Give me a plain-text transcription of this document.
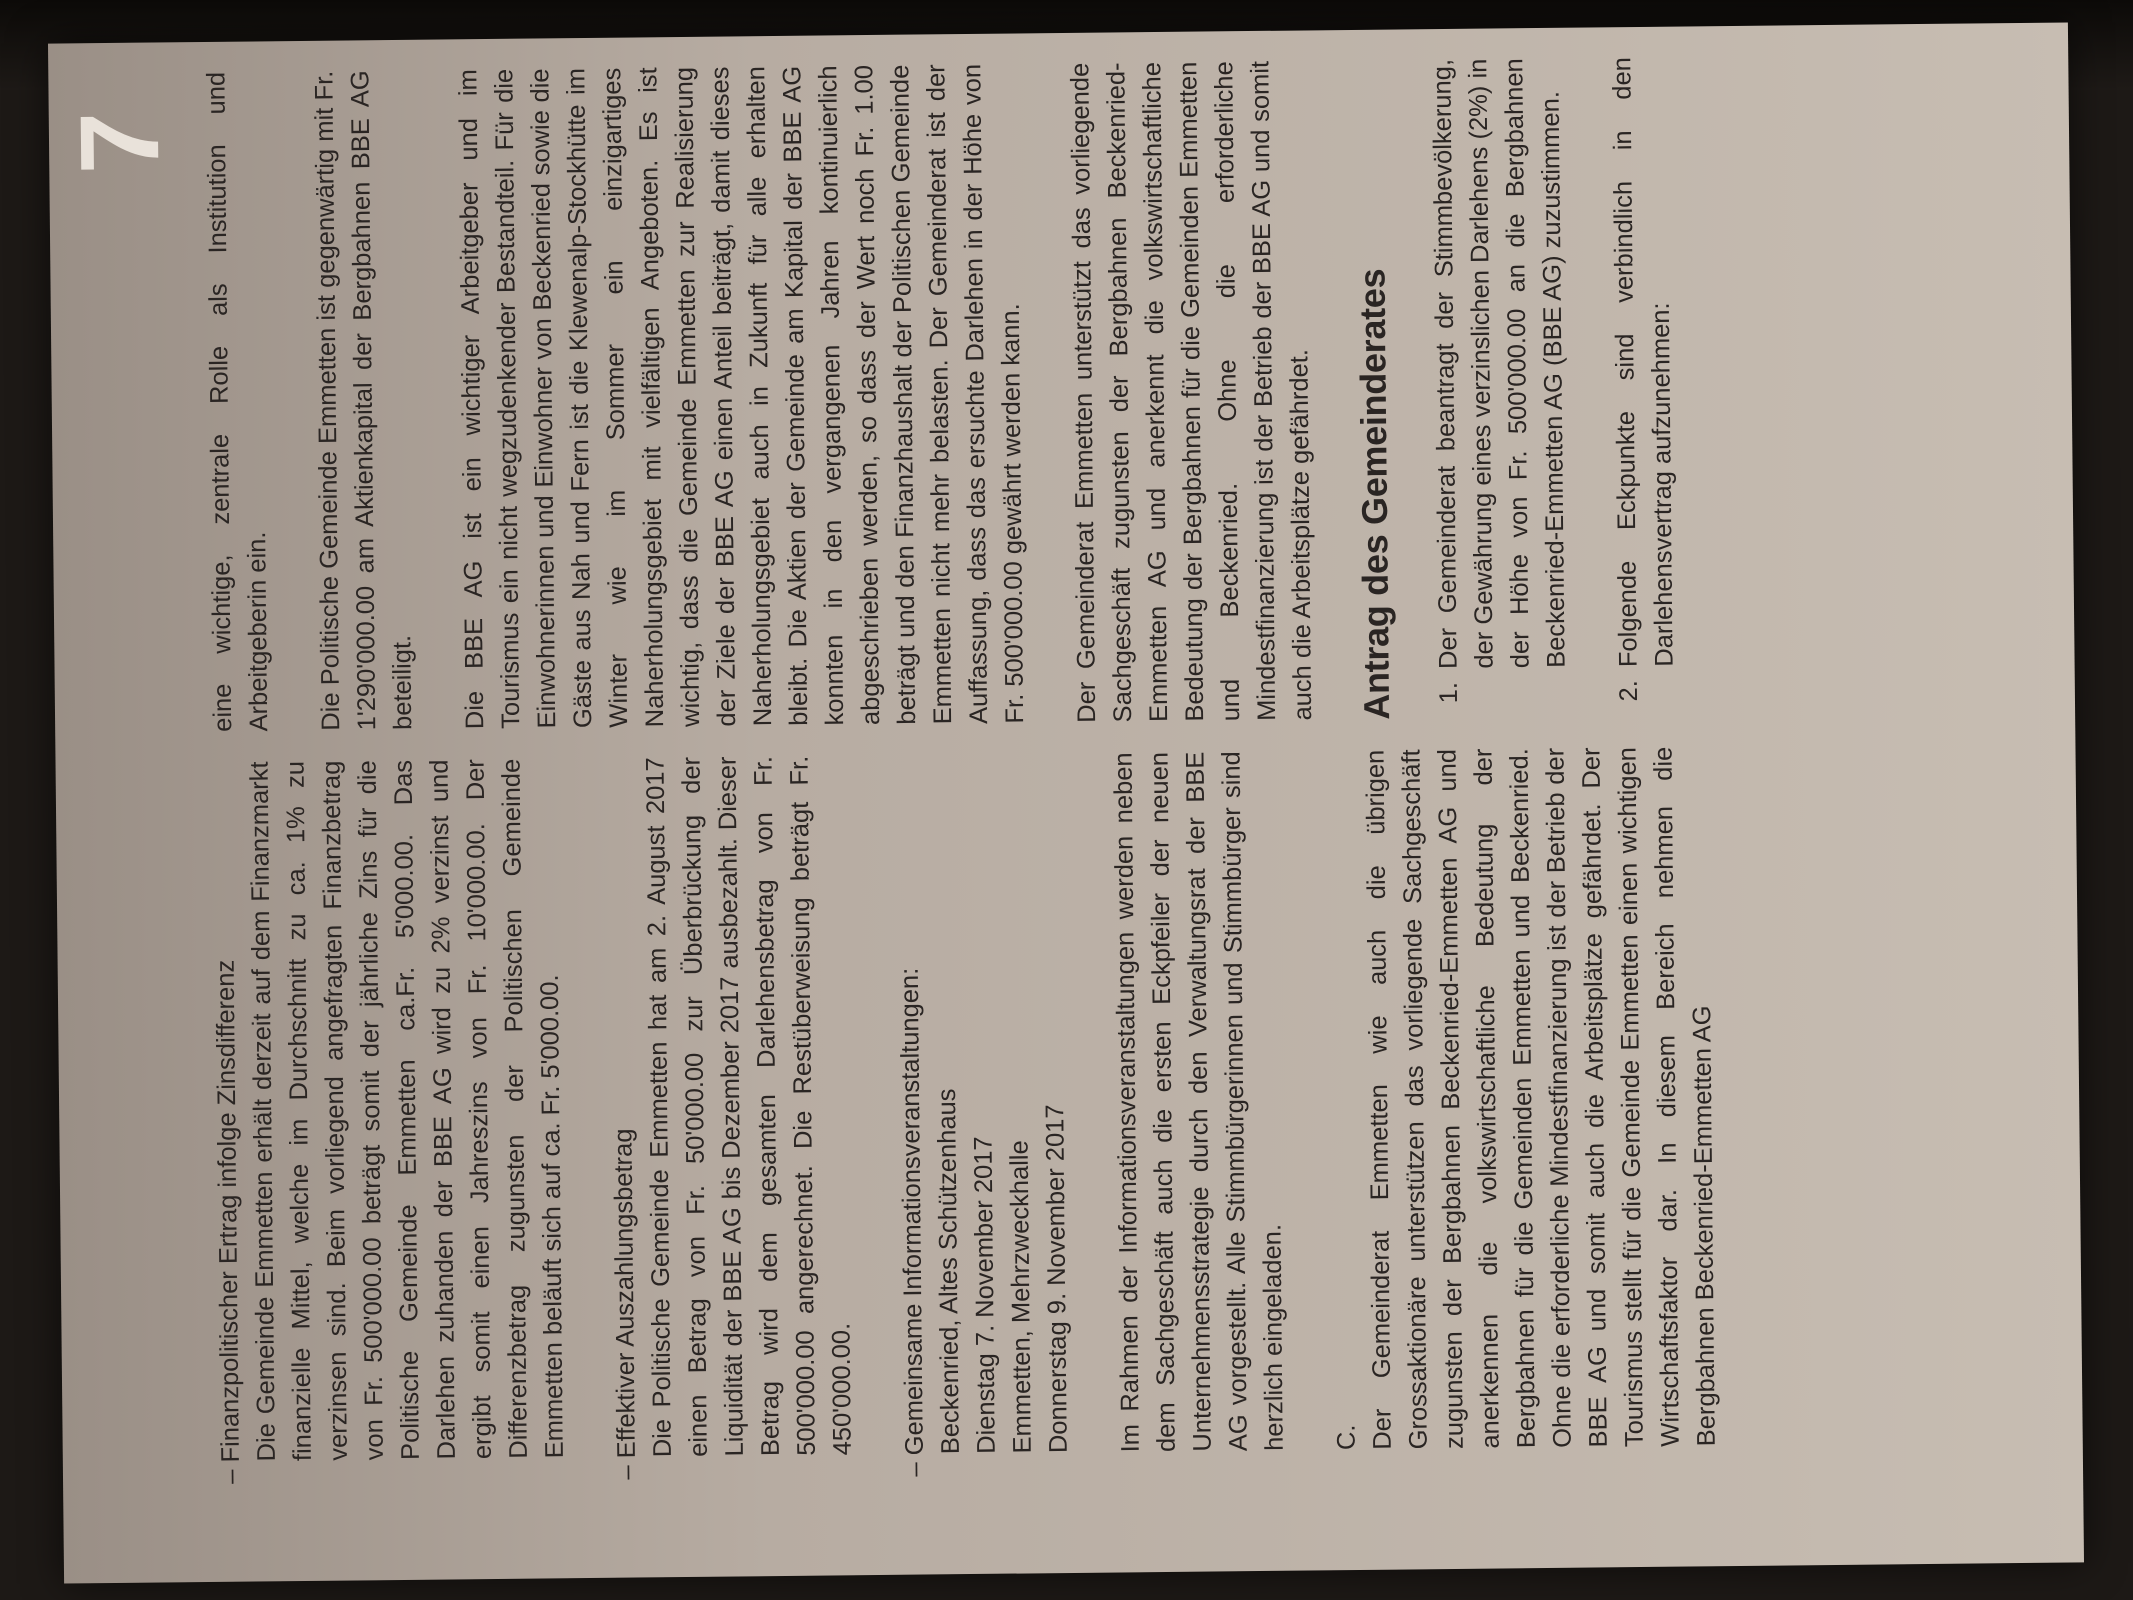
7
– Finanzpolitischer Ertrag infolge Zinsdifferenz Die Gemeinde Emmetten erhält derzeit auf dem Finanzmarkt finanzielle Mittel, welche im Durchschnitt zu ca. 1% zu verzinsen sind. Beim vorliegend angefragten Finanzbetrag von Fr. 500'000.00 beträgt somit der jährliche Zins für die Politische Gemeinde Emmetten ca.Fr. 5'000.00. Das Darlehen zuhanden der BBE AG wird zu 2% verzinst und ergibt somit einen Jahreszins von Fr. 10'000.00. Der Differenzbetrag zugunsten der Politischen Gemeinde Emmetten beläuft sich auf ca. Fr. 5'000.00.	– Effektiver Auszahlungsbetrag Die Politische Gemeinde Emmetten hat am 2. August 2017 einen Betrag von Fr. 50'000.00 zur Überbrückung der Liquidität der BBE AG bis Dezember 2017 ausbezahlt. Dieser Betrag wird dem gesamten Darlehensbetrag von Fr. 500'000.00 angerechnet. Die Restüberweisung beträgt Fr. 450'000.00. – Gemeinsame Informationsveranstaltungen: Beckenried, Altes Schützenhaus Dienstag 7. November 2017 Emmetten, Mehrzweckhalle Donnerstag 9. November 2017 Im Rahmen der Informationsveranstaltungen werden neben dem Sachgeschäft auch die ersten Eckpfeiler der neuen Unternehmensstrategie durch den Verwaltungsrat der BBE AG vorgestellt. Alle Stimmbürgerinnen und Stimmbürger sind herzlich eingeladen.	C. Der Gemeinderat Emmetten wie auch die übrigen Grossaktionäre unterstützen das vorliegende Sachgeschäft zugunsten der Bergbahnen Beckenried-Emmetten AG und anerkennen die volkswirtschaftliche Bedeutung der Bergbahnen für die Gemeinden Emmetten und Beckenried. Ohne die erforderliche Mindestfinanzierung ist der Betrieb der BBE AG und somit auch die Arbeitsplätze gefährdet. Der Tourismus stellt für die Gemeinde Emmetten einen wichtigen Wirtschaftsfaktor dar. In diesem Bereich nehmen die Bergbahnen Beckenried-Emmetten AG

eine wichtige, zentrale Rolle als Institution und Arbeitgeberin ein. Die Politische Gemeinde Emmetten ist gegenwärtig mit Fr. 1'290'000.00 am Aktienkapital der Bergbahnen BBE AG beteiligt. Die BBE AG ist ein wichtiger Arbeitgeber und im Tourismus ein nicht wegzudenkender Bestandteil. Für die Einwohnerinnen und Einwohner von Beckenried sowie die Gäste aus Nah und Fern ist die Klewenalp-Stockhütte im Winter wie im Sommer ein einzigartiges Naherholungsgebiet mit vielfältigen Angeboten. Es ist wichtig, dass die Gemeinde Emmetten zur Realisierung der Ziele der BBE AG einen Anteil beiträgt, damit dieses Naherholungsgebiet auch in Zukunft für alle erhalten bleibt. Die Aktien der Gemeinde am Kapital der BBE AG konnten in den vergangenen Jahren kontinuierlich abgeschrieben werden, so dass der Wert noch Fr. 1.00 beträgt und den Finanzhaushalt der Politischen Gemeinde Emmetten nicht mehr belasten. Der Gemeinderat ist der Auffassung, dass das ersuchte Darlehen in der Höhe von Fr. 500'000.00 gewährt werden kann. Der Gemeinderat Emmetten unterstützt das vorliegende Sachgeschäft zugunsten der Bergbahnen Beckenried-Emmetten AG und anerkennt die volkswirtschaftliche Bedeutung der Bergbahnen für die Gemeinden Emmetten und Beckenried. Ohne die erforderliche Mindestfinanzierung ist der Betrieb der BBE AG und somit auch die Arbeitsplätze gefährdet. Antrag des Gemeinderates 1. Der Gemeinderat beantragt der Stimmbevölkerung, der Gewährung eines verzinslichen Darlehens (2%) in der Höhe von Fr. 500'000.00 an die Bergbahnen Beckenried-Emmetten AG (BBE AG) zuzustimmen. 2. Folgende Eckpunkte sind verbindlich in den Darlehensvertrag aufzunehmen:
